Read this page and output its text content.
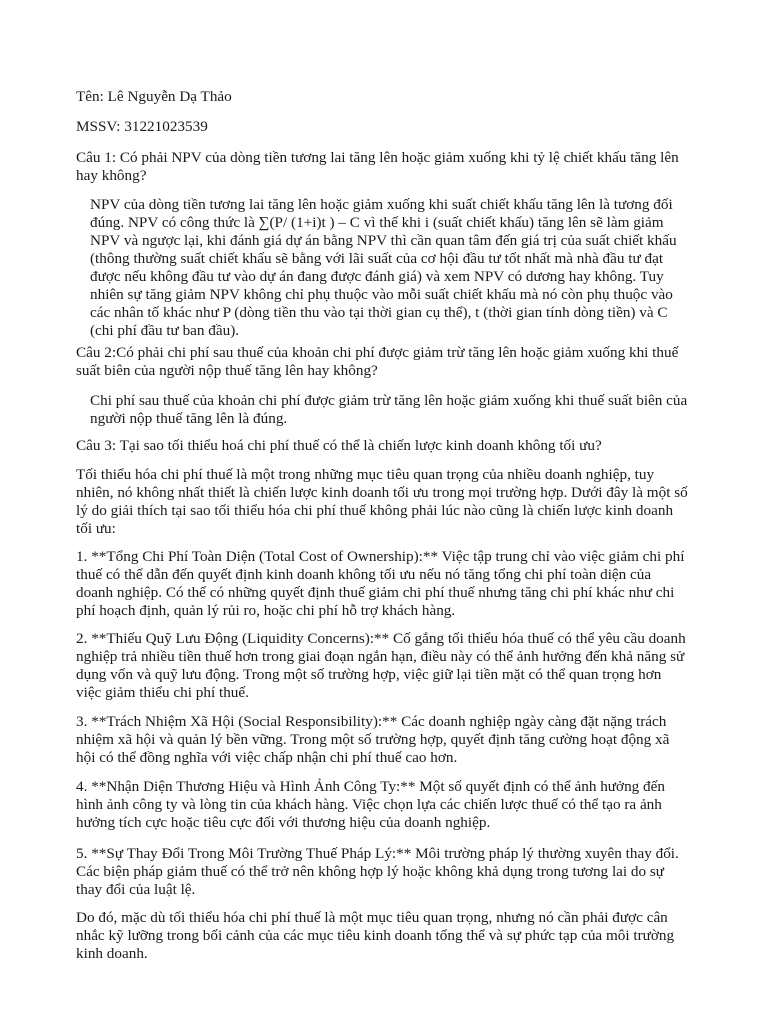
Tên: Lê Nguyễn Dạ Thảo

MSSV: 31221023539

Câu 1: Có phải NPV của dòng tiền tương lai tăng lên hoặc giảm xuống khi tỷ lệ chiết khấu tăng lên hay không?

NPV của dòng tiền tương lai tăng lên hoặc giảm xuống khi suất chiết khấu tăng lên là tương đối đúng. NPV có công thức là ∑(P/ (1+i)t ) – C vì thế khi i (suất chiết khấu) tăng lên sẽ làm giảm NPV và ngược lại, khi đánh giá dự án bằng NPV thì cần quan tâm đến giá trị của suất chiết khấu (thông thường suất chiết khấu sẽ bằng với lãi suất của cơ hội đầu tư tốt nhất mà nhà đầu tư đạt được nếu không đầu tư vào dự án đang được đánh giá) và xem NPV có dương hay không. Tuy nhiên sự tăng giảm NPV không chỉ phụ thuộc vào mỗi suất chiết khấu mà nó còn phụ thuộc vào các nhân tố khác như P (dòng tiền thu vào tại thời gian cụ thể), t (thời gian tính dòng tiền) và C (chi phí đầu tư ban đầu).

Câu 2:Có phải chi phí sau thuế của khoản chi phí được giảm trừ tăng lên hoặc giảm xuống khi thuế suất biên của người nộp thuế tăng lên hay không?

Chi phí sau thuế của khoản chi phí được giảm trừ tăng lên hoặc giảm xuống khi thuế suất biên của người nộp thuế tăng lên là đúng.

Câu 3: Tại sao tối thiểu hoá chi phí thuế có thể là chiến lược kinh doanh không tối ưu?

Tối thiểu hóa chi phí thuế là một trong những mục tiêu quan trọng của nhiều doanh nghiệp, tuy nhiên, nó không nhất thiết là chiến lược kinh doanh tối ưu trong mọi trường hợp. Dưới đây là một số lý do giải thích tại sao tối thiểu hóa chi phí thuế không phải lúc nào cũng là chiến lược kinh doanh tối ưu:

1. **Tổng Chi Phí Toàn Diện (Total Cost of Ownership):** Việc tập trung chỉ vào việc giảm chi phí thuế có thể dẫn đến quyết định kinh doanh không tối ưu nếu nó tăng tổng chi phí toàn diện của doanh nghiệp. Có thể có những quyết định thuế giảm chi phí thuế nhưng tăng chi phí khác như chi phí hoạch định, quản lý rủi ro, hoặc chi phí hỗ trợ khách hàng.

2. **Thiếu Quỹ Lưu Động (Liquidity Concerns):** Cố gắng tối thiểu hóa thuế có thể yêu cầu doanh nghiệp trả nhiều tiền thuế hơn trong giai đoạn ngắn hạn, điều này có thể ảnh hưởng đến khả năng sử dụng vốn và quỹ lưu động. Trong một số trường hợp, việc giữ lại tiền mặt có thể quan trọng hơn việc giảm thiểu chi phí thuế.

3. **Trách Nhiệm Xã Hội (Social Responsibility):** Các doanh nghiệp ngày càng đặt nặng trách nhiệm xã hội và quản lý bền vững. Trong một số trường hợp, quyết định tăng cường hoạt động xã hội có thể đồng nghĩa với việc chấp nhận chi phí thuế cao hơn.

4. **Nhận Diện Thương Hiệu và Hình Ảnh Công Ty:** Một số quyết định có thể ảnh hưởng đến hình ảnh công ty và lòng tin của khách hàng. Việc chọn lựa các chiến lược thuế có thể tạo ra ảnh hưởng tích cực hoặc tiêu cực đối với thương hiệu của doanh nghiệp.

5. **Sự Thay Đổi Trong Môi Trường Thuế Pháp Lý:** Môi trường pháp lý thường xuyên thay đổi. Các biện pháp giảm thuế có thể trở nên không hợp lý hoặc không khả dụng trong tương lai do sự thay đổi của luật lệ.

Do đó, mặc dù tối thiểu hóa chi phí thuế là một mục tiêu quan trọng, nhưng nó cần phải được cân nhắc kỹ lưỡng trong bối cảnh của các mục tiêu kinh doanh tổng thể và sự phức tạp của môi trường kinh doanh.
